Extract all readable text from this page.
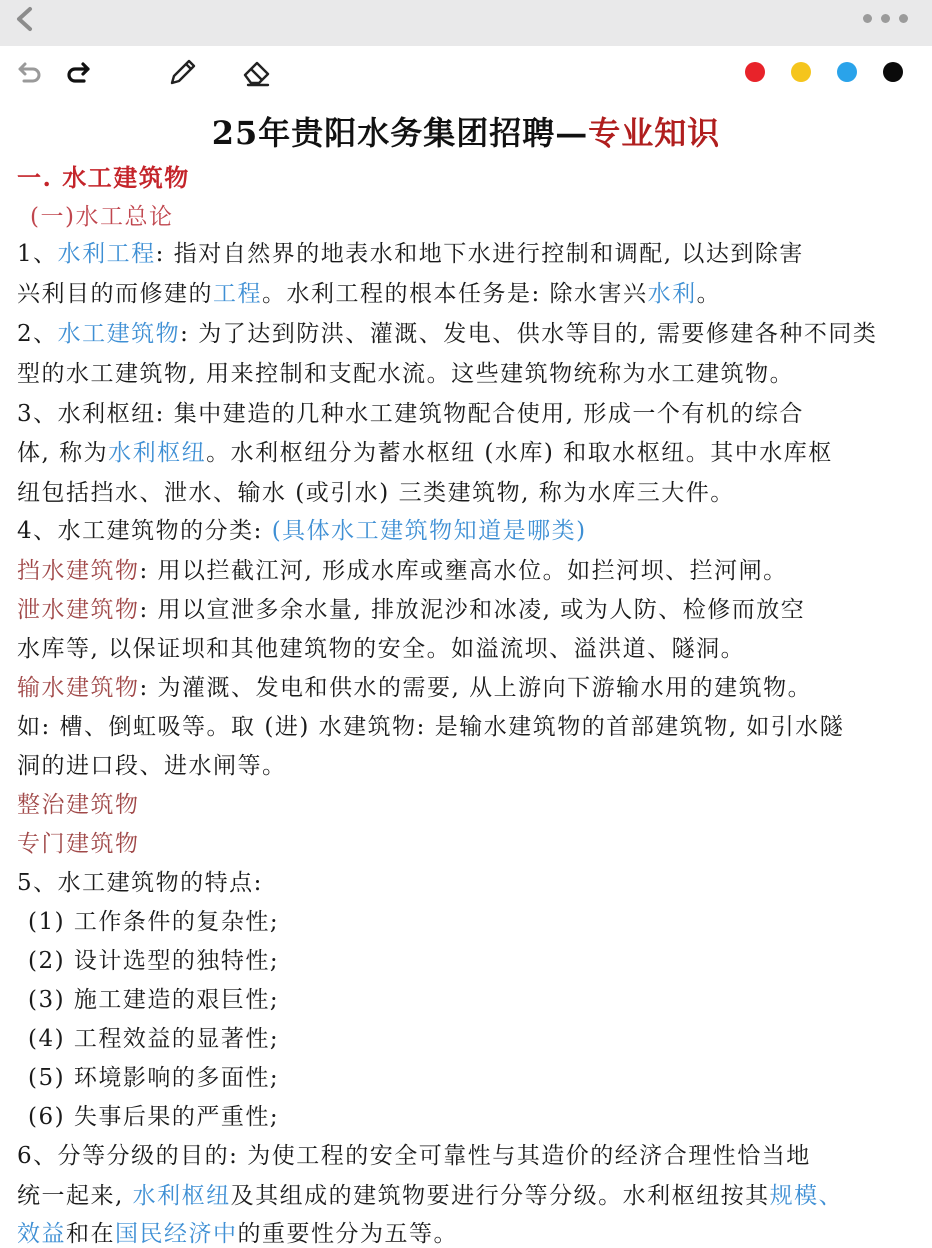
25年贵阳水务集团招聘—专业知识
一. 水工建筑物
(一)水工总论
1、水利工程: 指对自然界的地表水和地下水进行控制和调配, 以达到除害
兴利目的而修建的工程。水利工程的根本任务是: 除水害兴水利。
2、水工建筑物: 为了达到防洪、灌溉、发电、供水等目的, 需要修建各种不同类
型的水工建筑物, 用来控制和支配水流。这些建筑物统称为水工建筑物。
3、水利枢纽: 集中建造的几种水工建筑物配合使用, 形成一个有机的综合
体, 称为水利枢纽。水利枢纽分为蓄水枢纽 (水库) 和取水枢纽。其中水库枢
纽包括挡水、泄水、输水 (或引水) 三类建筑物, 称为水库三大件。
4、水工建筑物的分类: (具体水工建筑物知道是哪类)
挡水建筑物: 用以拦截江河, 形成水库或壅高水位。如拦河坝、拦河闸。
泄水建筑物: 用以宣泄多余水量, 排放泥沙和冰凌, 或为人防、检修而放空
水库等, 以保证坝和其他建筑物的安全。如溢流坝、溢洪道、隧洞。
输水建筑物: 为灌溉、发电和供水的需要, 从上游向下游输水用的建筑物。
如: 槽、倒虹吸等。取 (进) 水建筑物: 是输水建筑物的首部建筑物, 如引水隧
洞的进口段、进水闸等。
整治建筑物
专门建筑物
5、水工建筑物的特点:
(1) 工作条件的复杂性;
(2) 设计选型的独特性;
(3) 施工建造的艰巨性;
(4) 工程效益的显著性;
(5) 环境影响的多面性;
(6) 失事后果的严重性;
6、分等分级的目的: 为使工程的安全可靠性与其造价的经济合理性恰当地
统一起来, 水利枢纽及其组成的建筑物要进行分等分级。水利枢纽按其规模、
效益和在国民经济中的重要性分为五等。
